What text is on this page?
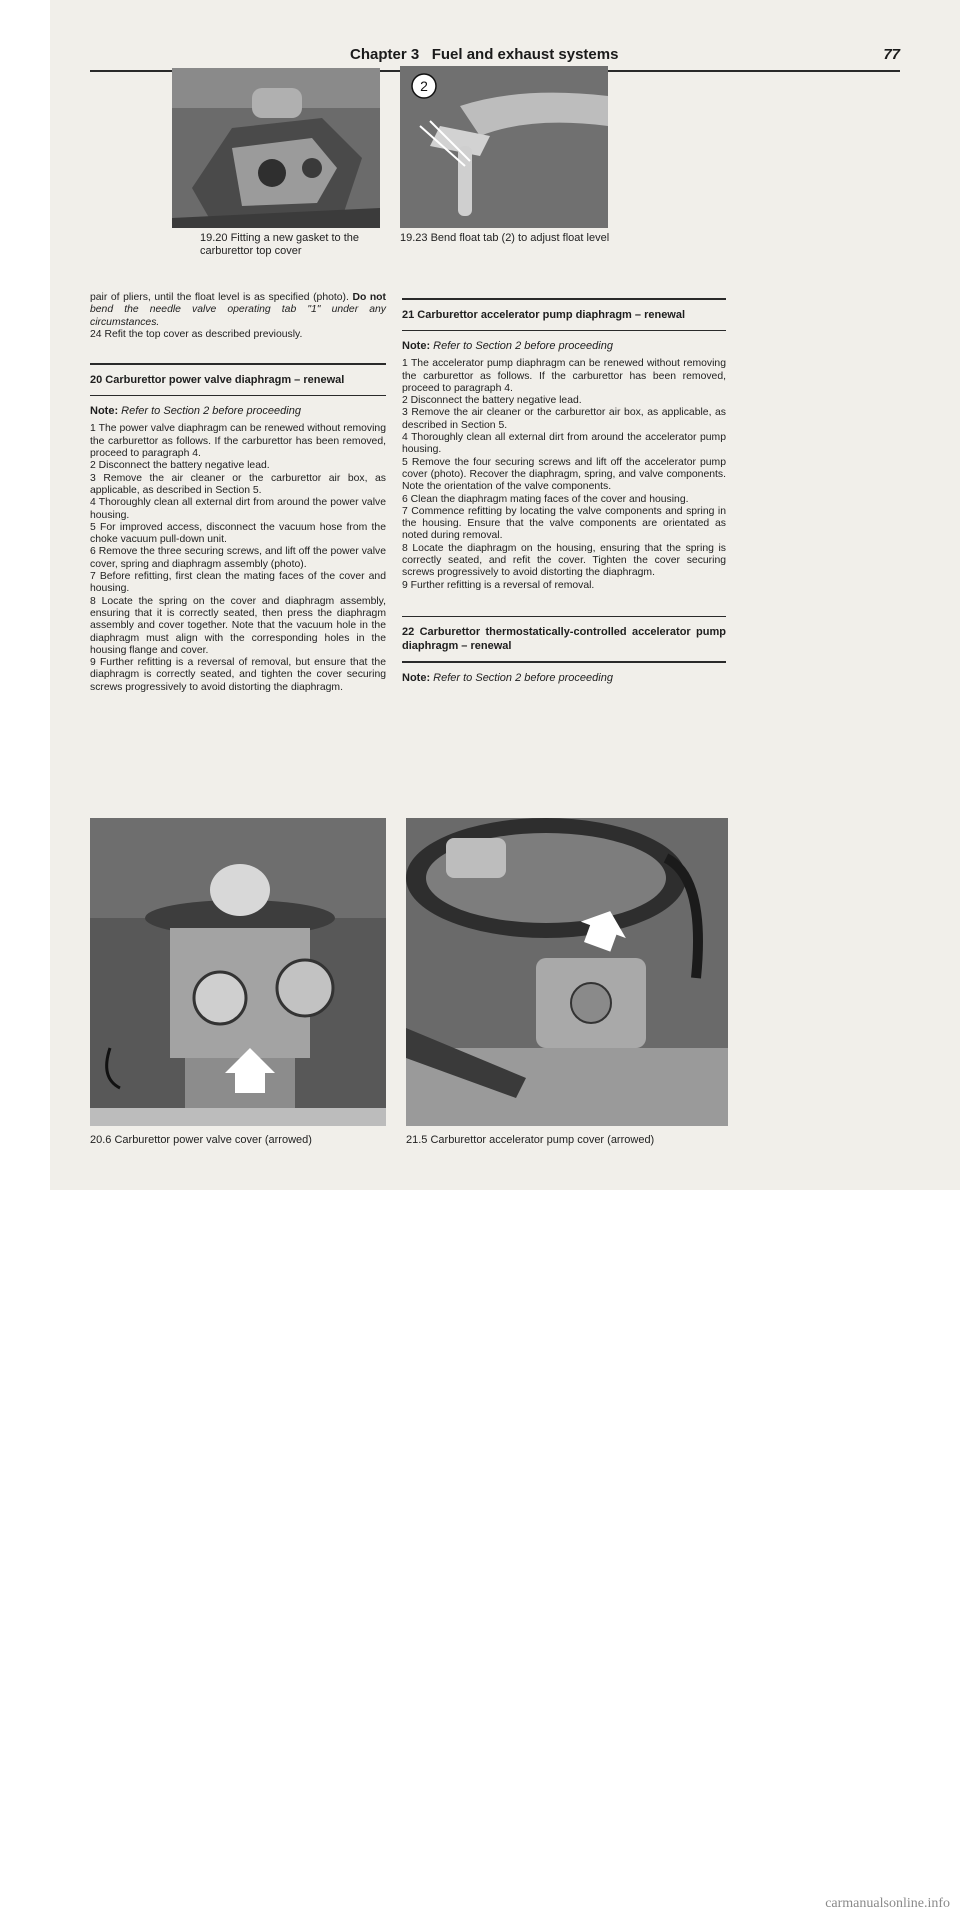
Chapter 3 Fuel and exhaust systems	77
19.20 Fitting a new gasket to the carburettor top cover
2
19.23 Bend float tab (2) to adjust float level

pair of pliers, until the float level is as specified (photo). Do not bend the needle valve operating tab "1" under any circumstances.

24 Refit the top cover as described previously.

20 Carburettor power valve diaphragm – renewal
Note: Refer to Section 2 before proceeding

1 The power valve diaphragm can be renewed without removing the carburettor as follows. If the carburettor has been removed, proceed to paragraph 4.

2 Disconnect the battery negative lead.

3 Remove the air cleaner or the carburettor air box, as applicable, as described in Section 5.

4 Thoroughly clean all external dirt from around the power valve housing.

5 For improved access, disconnect the vacuum hose from the choke vacuum pull-down unit.

6 Remove the three securing screws, and lift off the power valve cover, spring and diaphragm assembly (photo).

7 Before refitting, first clean the mating faces of the cover and housing.

8 Locate the spring on the cover and diaphragm assembly, ensuring that it is correctly seated, then press the diaphragm assembly and cover together. Note that the vacuum hole in the diaphragm must align with the corresponding holes in the housing flange and cover.

9 Further refitting is a reversal of removal, but ensure that the diaphragm is correctly seated, and tighten the cover securing screws progressively to avoid distorting the diaphragm.

21 Carburettor accelerator pump diaphragm – renewal
Note: Refer to Section 2 before proceeding

1 The accelerator pump diaphragm can be renewed without removing the carburettor as follows. If the carburettor has been removed, proceed to paragraph 4.

2 Disconnect the battery negative lead.

3 Remove the air cleaner or the carburettor air box, as applicable, as described in Section 5.

4 Thoroughly clean all external dirt from around the accelerator pump housing.

5 Remove the four securing screws and lift off the accelerator pump cover (photo). Recover the diaphragm, spring, and valve components. Note the orientation of the valve components.

6 Clean the diaphragm mating faces of the cover and housing.

7 Commence refitting by locating the valve components and spring in the housing. Ensure that the valve components are orientated as noted during removal.

8 Locate the diaphragm on the housing, ensuring that the spring is correctly seated, and refit the cover. Tighten the cover securing screws progressively to avoid distorting the diaphragm.

9 Further refitting is a reversal of removal.

22 Carburettor thermostatically-controlled accelerator pump diaphragm – renewal
Note: Refer to Section 2 before proceeding
20.6 Carburettor power valve cover (arrowed)	21.5 Carburettor accelerator pump cover (arrowed)
carmanualsonline.info
